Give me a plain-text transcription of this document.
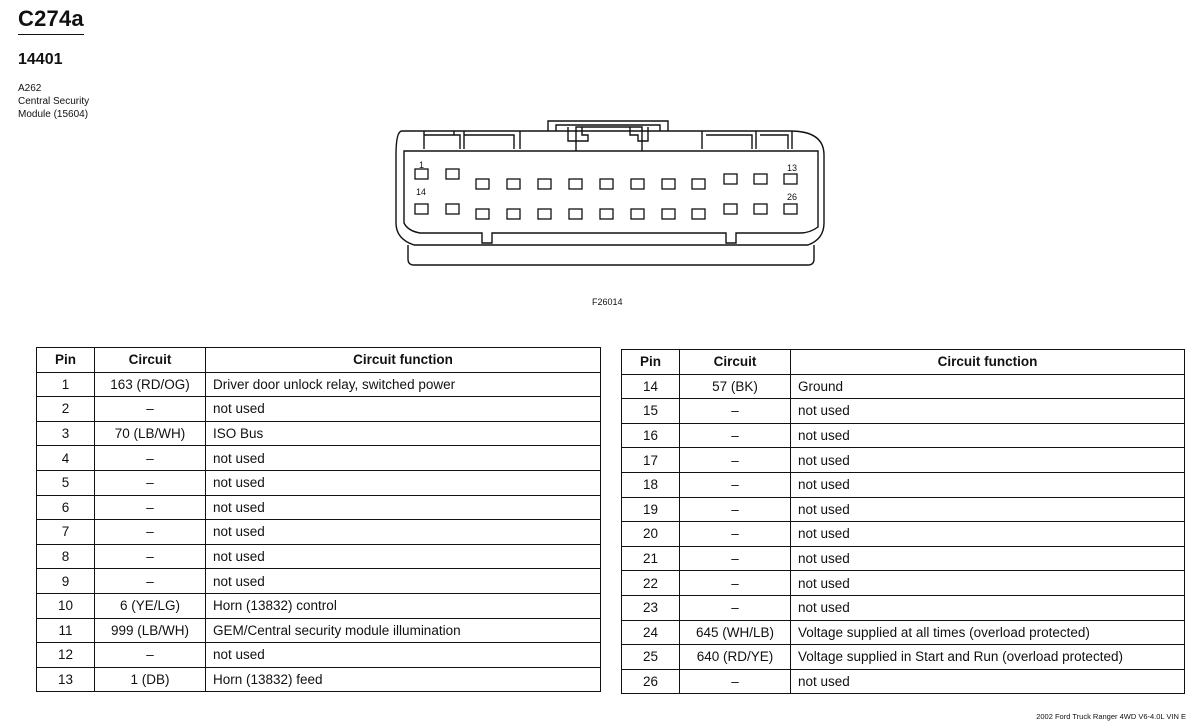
C274a
14401
A262
Central Security
Module (15604)
1
14
13
26
F26014
Pin	Circuit	Circuit function
1	163 (RD/OG)	Driver door unlock relay, switched power
2	–	not used
3	70 (LB/WH)	ISO Bus
4	–	not used
5	–	not used
6	–	not used
7	–	not used
8	–	not used
9	–	not used
10	6 (YE/LG)	Horn (13832) control
11	999 (LB/WH)	GEM/Central security module illumination
12	–	not used
13	1 (DB)	Horn (13832) feed
Pin	Circuit	Circuit function
14	57 (BK)	Ground
15	–	not used
16	–	not used
17	–	not used
18	–	not used
19	–	not used
20	–	not used
21	–	not used
22	–	not used
23	–	not used
24	645 (WH/LB)	Voltage supplied at all times (overload protected)
25	640 (RD/YE)	Voltage supplied in Start and Run (overload protected)
26	–	not used
2002 Ford Truck Ranger 4WD V6-4.0L VIN E
